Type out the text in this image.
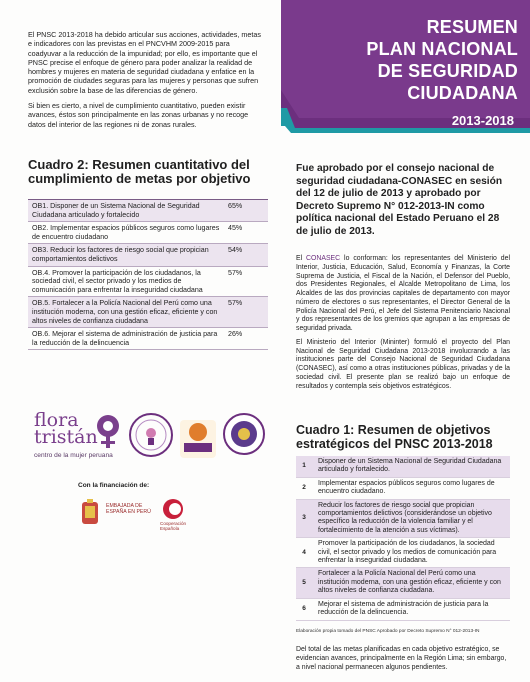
RESUMEN
PLAN NACIONAL
DE SEGURIDAD
CIUDADANA
2013-2018

El PNSC 2013-2018 ha debido articular sus acciones, actividades, metas e indicadores con las previstas en el PNCVHM 2009-2015 para coadyuvar a la reducción de la impunidad; por ello, es importante que el PNSC precise el enfoque de género para poder analizar la realidad de hombres y mujeres en materia de seguridad ciudadana y enfatice en la promoción de ciudades seguras para las mujeres y personas que sufren exclusión sobre la base de las diferencias de género.

Si bien es cierto, a nivel de cumplimiento cuantitativo, pueden existir avances, éstos son principalmente en las zonas urbanas y no recoge datos del interior de las regiones ni de zonas rurales.

Cuadro 2: Resumen cuantitativo del cumplimiento de metas por objetivo
OB1. Disponer de un Sistema Nacional de Seguridad Ciudadana articulado y fortalecido
65%
OB2. Implementar espacios públicos seguros como lugares de encuentro ciudadano
45%
OB3. Reducir los factores de riesgo social que propician comportamientos delictivos
54%
OB.4. Promover la participación de los ciudadanos, la sociedad civil, el sector privado y los medios de comunicación para enfrentar la inseguridad ciudadana
57%
OB.5. Fortalecer a la Policía Nacional del Perú como una institución moderna, con una gestión eficaz, eficiente y con altos niveles de confianza ciudadana
57%
OB.6. Mejorar el sistema de administración de justicia para la reducción de la delincuencia
26%
flora
tristán
centro de la mujer peruana
Con la financiación de:
EMBAJADA DE ESPAÑA EN PERÚ
Cooperación Española
Fue aprobado por el consejo nacional de seguridad ciudadana-CONASEC en sesión del 12 de julio de 2013 y aprobado por Decreto Supremo N° 012-2013-IN como política nacional del Estado Peruano el 28 de julio de 2013.

El CONASEC lo conforman: los representantes del Ministerio del Interior, Justicia, Educación, Salud, Economía y Finanzas, la Corte Suprema de Justicia, el Fiscal de la Nación, el Defensor del Pueblo, dos Presidentes Regionales, el Alcalde Metropolitano de Lima, los Alcaldes de las dos provincias capitales de departamento con mayor número de electores o sus representantes, el Director General de la Policía Nacional del Perú, el Jefe del Sistema Penitenciario Nacional y dos representantes de los gremios que agrupan a las empresas de seguridad privada.

El Ministerio del Interior (Mininter) formuló el proyecto del Plan Nacional de Seguridad Ciudadana 2013-2018 involucrando a las instituciones parte del Consejo Nacional de Seguridad Ciudadana (CONASEC), así como a otras instituciones públicas, privadas y de la sociedad civil. El presente plan se realizó bajo un enfoque de resultados y contempla seis objetivos estratégicos.

Cuadro 1: Resumen de objetivos estratégicos del PNSC 2013-2018
1
Disponer de un Sistema Nacional de Seguridad Ciudadana articulado y fortalecido.
2
Implementar espacios públicos seguros como lugares de encuentro ciudadano.
3
Reducir los factores de riesgo social que propician comportamientos delictivos (considerándose un objetivo específico la reducción de la violencia familiar y el fortalecimiento de la atención a sus víctimas).
4
Promover la participación de los ciudadanos, la sociedad civil, el sector privado y los medios de comunicación para enfrentar la inseguridad ciudadana.
5
Fortalecer a la Policía Nacional del Perú como una institución moderna, con una gestión eficaz, eficiente y con altos niveles de confianza ciudadana.
6
Mejorar el sistema de administración de justicia para la reducción de la delincuencia.
Elaboración propia tomado del PNSC Aprobado por Decreto Supremo N° 012-2013-IN
Del total de las metas planificadas en cada objetivo estratégico, se evidencian avances, principalmente en la Región Lima; sin embargo, a nivel nacional permanecen algunos pendientes.
